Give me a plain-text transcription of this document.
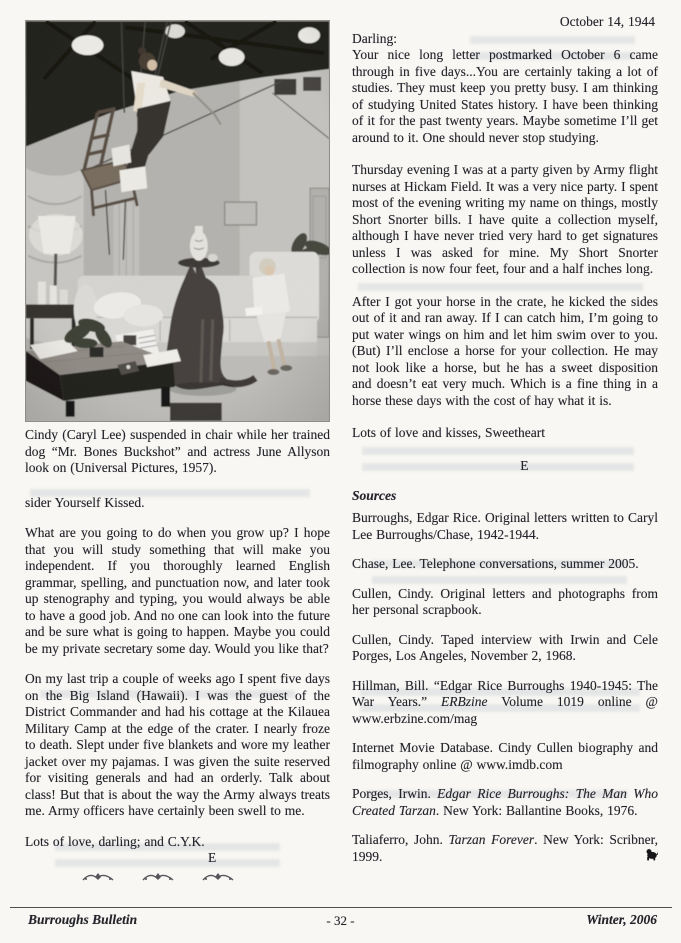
Cindy (Caryl Lee) suspended in chair while her trained dog “Mr. Bones Buckshot” and actress June Allyson look on (Universal Pictures, 1957).

sider Yourself Kissed.

What are you going to do when you grow up? I hope that you will study something that will make you independent. If you thoroughly learned English grammar, spelling, and punctuation now, and later took up stenography and typing, you would always be able to have a good job. And no one can look into the future and be sure what is going to happen. Maybe you could be my private secretary some day. Would you like that?

On my last trip a couple of weeks ago I spent five days on the Big Island (Hawaii). I was the guest of the District Commander and had his cottage at the Kilauea Military Camp at the edge of the crater. I nearly froze to death. Slept under five blankets and wore my leather jacket over my pajamas. I was given the suite reserved for visiting generals and had an orderly. Talk about class! But that is about the way the Army always treats me. Army officers have certainly been swell to me.

Lots of love, darling; and C.Y.K.

E

October 14, 1944

Darling:

Your nice long letter postmarked October 6 came through in five days...You are certainly taking a lot of studies. They must keep you pretty busy. I am thinking of studying United States history. I have been thinking of it for the past twenty years. Maybe sometime I’ll get around to it. One should never stop studying.

Thursday evening I was at a party given by Army flight nurses at Hickam Field. It was a very nice party. I spent most of the evening writing my name on things, mostly Short Snorter bills. I have quite a collection myself, although I have never tried very hard to get signatures unless I was asked for mine. My Short Snorter collection is now four feet, four and a half inches long.

After I got your horse in the crate, he kicked the sides out of it and ran away. If I can catch him, I’m going to put water wings on him and let him swim over to you. (But) I’ll enclose a horse for your collection. He may not look like a horse, but he has a sweet disposition and doesn’t eat very much. Which is a fine thing in a horse these days with the cost of hay what it is.

Lots of love and kisses, Sweetheart

E

Sources

Burroughs, Edgar Rice. Original letters written to Caryl Lee Burroughs/Chase, 1942-1944.

Chase, Lee. Telephone conversations, summer 2005.

Cullen, Cindy. Original letters and photographs from her personal scrapbook.

Cullen, Cindy. Taped interview with Irwin and Cele Porges, Los Angeles, November 2, 1968.

Hillman, Bill. “Edgar Rice Burroughs 1940-1945: The War Years.” ERBzine Volume 1019 online @ www.erbzine.com/mag

Internet Movie Database. Cindy Cullen biography and filmography online @ www.imdb.com

Porges, Irwin. Edgar Rice Burroughs: The Man Who Created Tarzan. New York: Ballantine Books, 1976.

Taliaferro, John. Tarzan Forever. New York: Scribner, 1999.

Burroughs Bulletin	- 32 -	Winter, 2006
